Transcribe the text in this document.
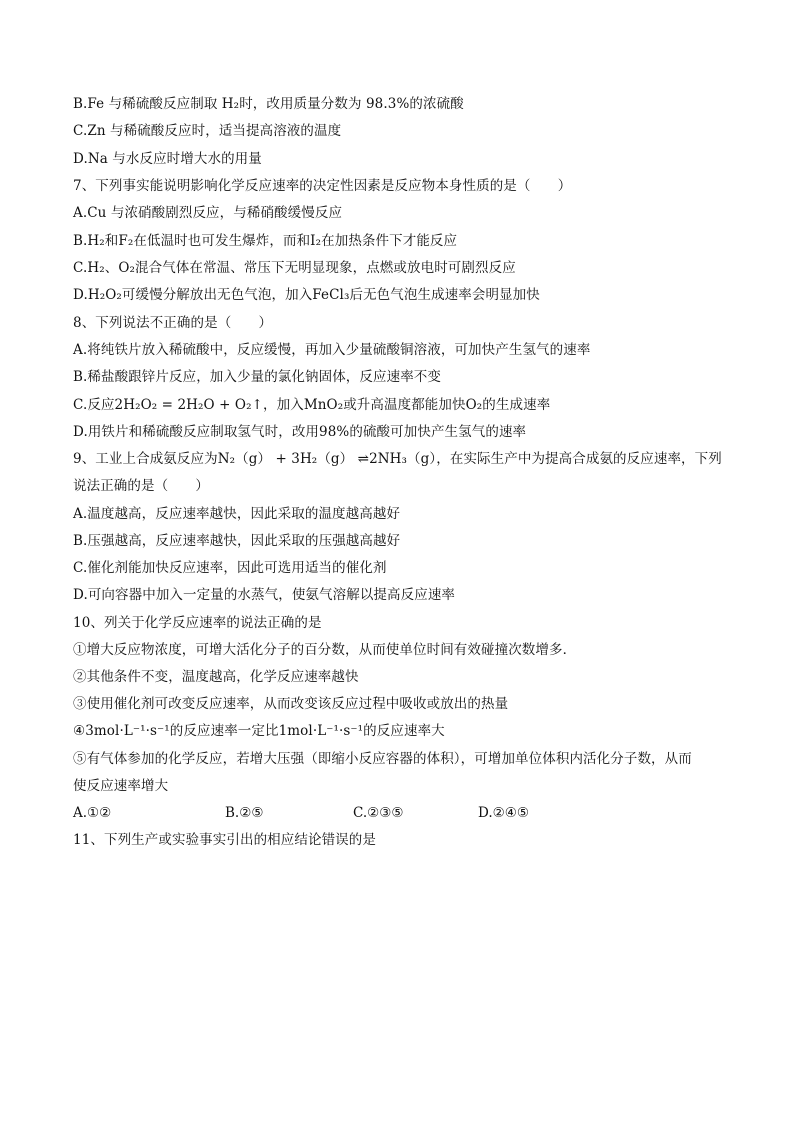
B.Fe 与稀硫酸反应制取 H₂时，改用质量分数为 98.3%的浓硫酸
C.Zn 与稀硫酸反应时，适当提高溶液的温度
D.Na 与水反应时增大水的用量
7、下列事实能说明影响化学反应速率的决定性因素是反应物本身性质的是（　　）
A.Cu 与浓硝酸剧烈反应，与稀硝酸缓慢反应
B.H₂和F₂在低温时也可发生爆炸，而和I₂在加热条件下才能反应
C.H₂、O₂混合气体在常温、常压下无明显现象，点燃或放电时可剧烈反应
D.H₂O₂可缓慢分解放出无色气泡，加入FeCl₃后无色气泡生成速率会明显加快
8、下列说法不正确的是（　　）
A.将纯铁片放入稀硫酸中，反应缓慢，再加入少量硫酸铜溶液，可加快产生氢气的速率
B.稀盐酸跟锌片反应，加入少量的氯化钠固体，反应速率不变
C.反应2H₂O₂ = 2H₂O + O₂↑，加入MnO₂或升高温度都能加快O₂的生成速率
D.用铁片和稀硫酸反应制取氢气时，改用98%的硫酸可加快产生氢气的速率
9、工业上合成氨反应为N₂（g） + 3H₂（g） ⇌2NH₃（g），在实际生产中为提高合成氨的反应速率，下列
说法正确的是（　　）
A.温度越高，反应速率越快，因此采取的温度越高越好
B.压强越高，反应速率越快，因此采取的压强越高越好
C.催化剂能加快反应速率，因此可选用适当的催化剂
D.可向容器中加入一定量的水蒸气，使氨气溶解以提高反应速率
10、列关于化学反应速率的说法正确的是
①增大反应物浓度，可增大活化分子的百分数，从而使单位时间有效碰撞次数增多．
②其他条件不变，温度越高，化学反应速率越快
③使用催化剂可改变反应速率，从而改变该反应过程中吸收或放出的热量
④3mol·L⁻¹·s⁻¹的反应速率一定比1mol·L⁻¹·s⁻¹的反应速率大
⑤有气体参加的化学反应，若增大压强（即缩小反应容器的体积），可增加单位体积内活化分子数，从而
使反应速率增大
A.①②	B.②⑤	C.②③⑤	D.②④⑤
11、下列生产或实验事实引出的相应结论错误的是
